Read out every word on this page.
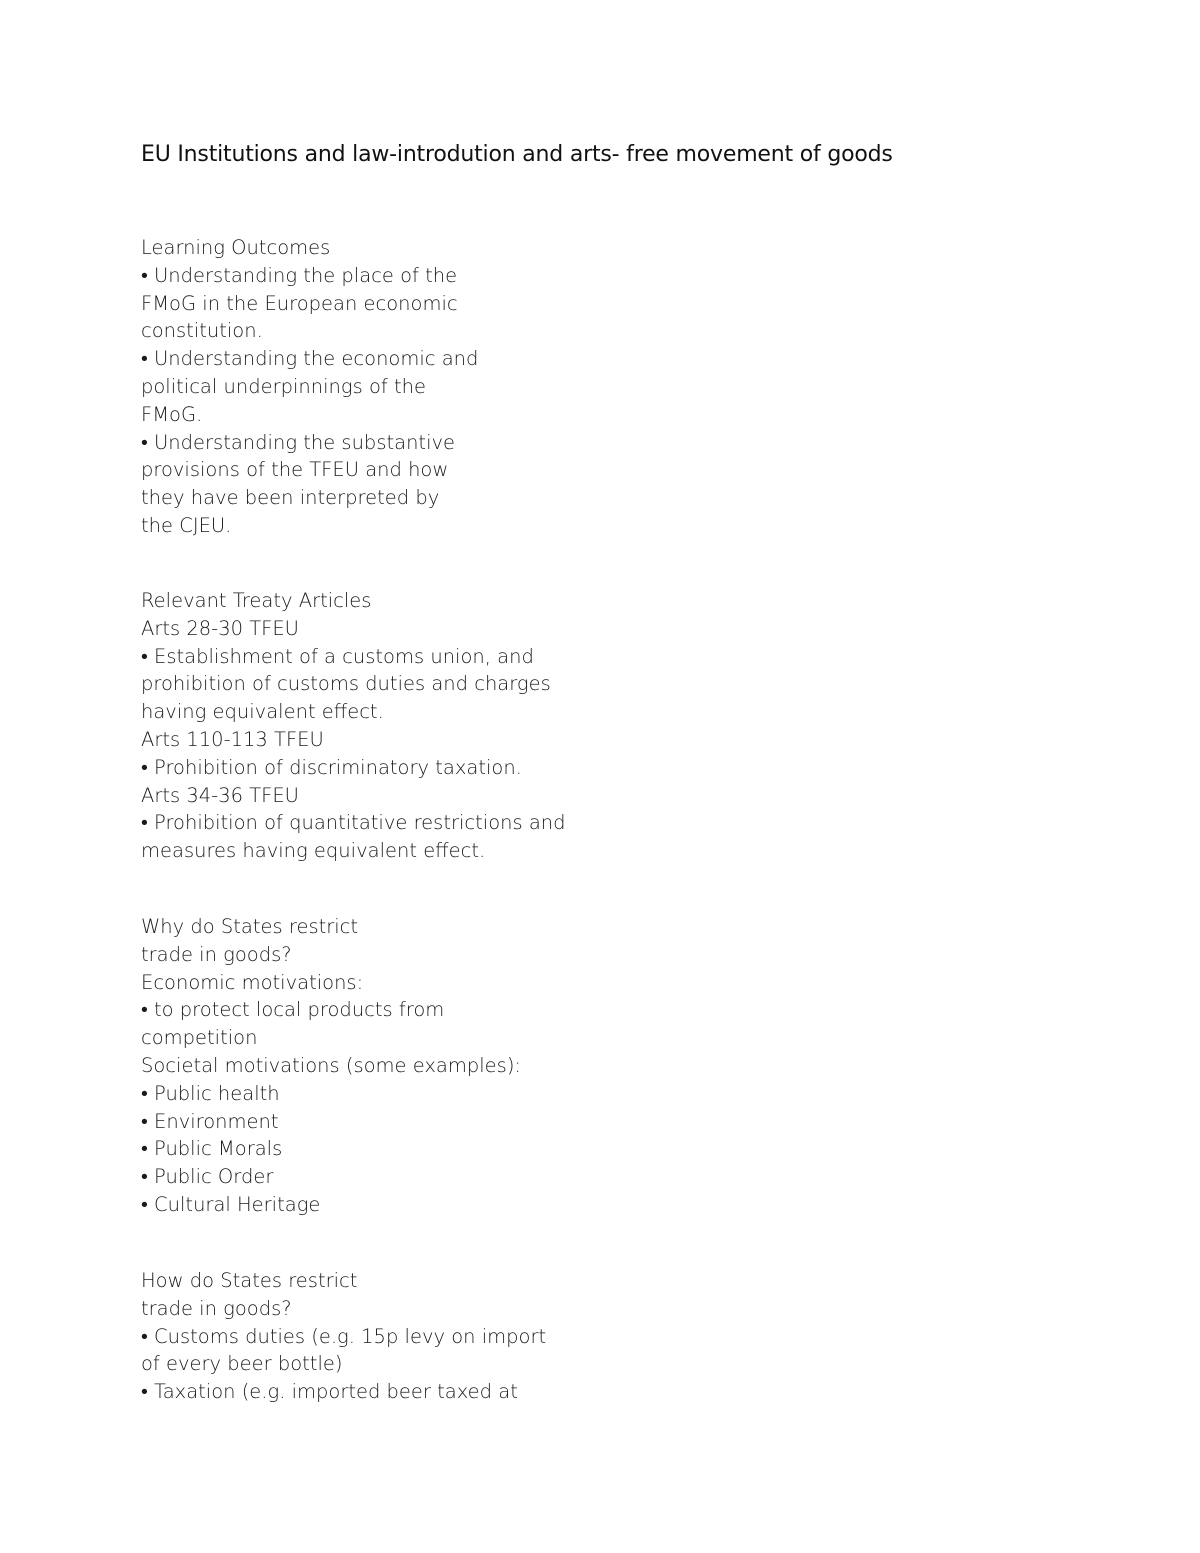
EU Institutions and law-introdution and arts- free movement of goods
Learning Outcomes
• Understanding the place of the
FMoG in the European economic
constitution.
• Understanding the economic and
political underpinnings of the
FMoG.
• Understanding the substantive
provisions of the TFEU and how
they have been interpreted by
the CJEU.
Relevant Treaty Articles
Arts 28-30 TFEU
• Establishment of a customs union, and
prohibition of customs duties and charges
having equivalent effect.
Arts 110-113 TFEU
• Prohibition of discriminatory taxation.
Arts 34-36 TFEU
• Prohibition of quantitative restrictions and
measures having equivalent effect.
Why do States restrict
trade in goods?
Economic motivations:
• to protect local products from
competition
Societal motivations (some examples):
• Public health
• Environment
• Public Morals
• Public Order
• Cultural Heritage
How do States restrict
trade in goods?
• Customs duties (e.g. 15p levy on import
of every beer bottle)
• Taxation (e.g. imported beer taxed at
